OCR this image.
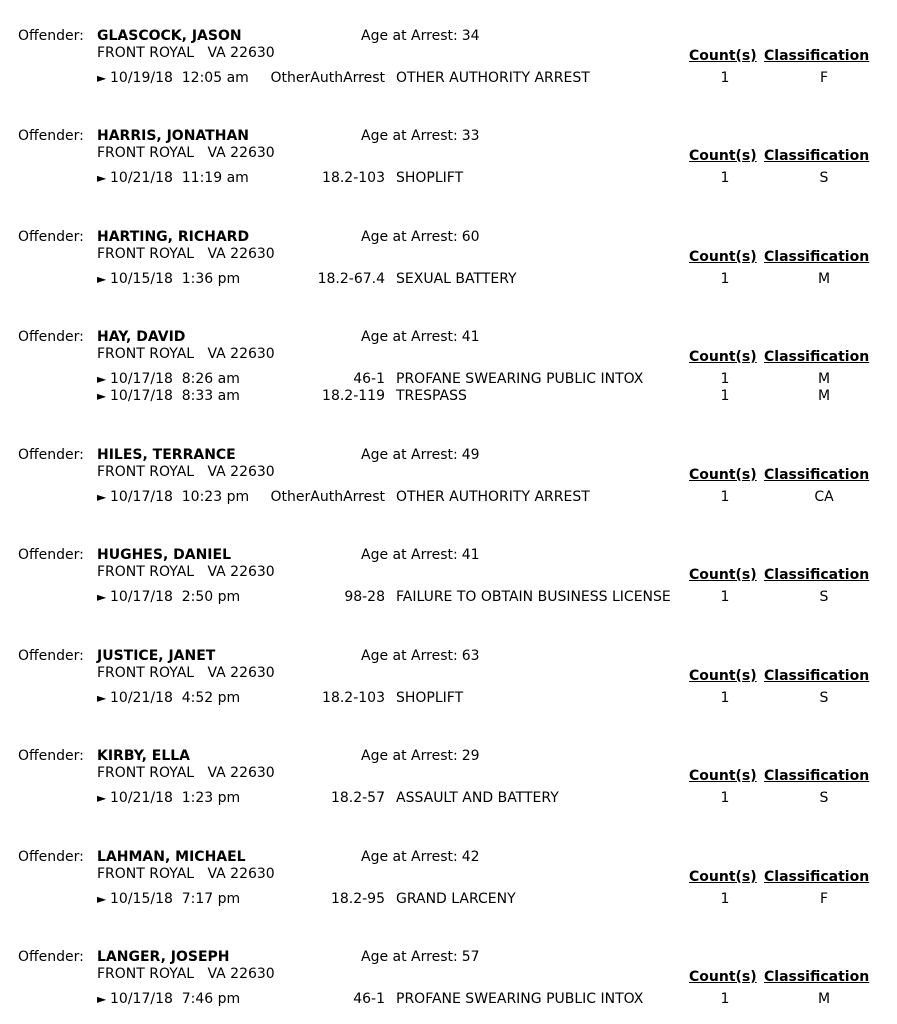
Offender: GLASCOCK, JASON
FRONT ROYAL   VA 22630
Age at Arrest: 34
Count(s) Classification
► 10/19/18  12:05 am OtherAuthArrest OTHER AUTHORITY ARREST	1	F
Offender: HARRIS, JONATHAN
FRONT ROYAL   VA 22630
Age at Arrest: 33
Count(s) Classification
► 10/21/18  11:19 am	18.2-103 SHOPLIFT	1	S
Offender: HARTING, RICHARD
FRONT ROYAL   VA 22630
Age at Arrest: 60
Count(s) Classification
► 10/15/18  1:36 pm	18.2-67.4 SEXUAL BATTERY	1	M
Offender: HAY, DAVID
FRONT ROYAL   VA 22630
Age at Arrest: 41
Count(s) Classification
► 10/17/18  8:26 am	46-1 PROFANE SWEARING PUBLIC INTOX	1	M
► 10/17/18  8:33 am	18.2-119 TRESPASS	1	M
Offender: HILES, TERRANCE
FRONT ROYAL   VA 22630
Age at Arrest: 49
Count(s) Classification
► 10/17/18  10:23 pm OtherAuthArrest OTHER AUTHORITY ARREST	1	CA
Offender: HUGHES, DANIEL
FRONT ROYAL   VA 22630
Age at Arrest: 41
Count(s) Classification
► 10/17/18  2:50 pm	98-28 FAILURE TO OBTAIN BUSINESS LICENSE	1	S
Offender: JUSTICE, JANET
FRONT ROYAL   VA 22630
Age at Arrest: 63
Count(s) Classification
► 10/21/18  4:52 pm	18.2-103 SHOPLIFT	1	S
Offender: KIRBY, ELLA
FRONT ROYAL   VA 22630
Age at Arrest: 29
Count(s) Classification
► 10/21/18  1:23 pm	18.2-57 ASSAULT AND BATTERY	1	S
Offender: LAHMAN, MICHAEL
FRONT ROYAL   VA 22630
Age at Arrest: 42
Count(s) Classification
► 10/15/18  7:17 pm	18.2-95 GRAND LARCENY	1	F
Offender: LANGER, JOSEPH
FRONT ROYAL   VA 22630
Age at Arrest: 57
Count(s) Classification
► 10/17/18  7:46 pm	46-1 PROFANE SWEARING PUBLIC INTOX	1	M
